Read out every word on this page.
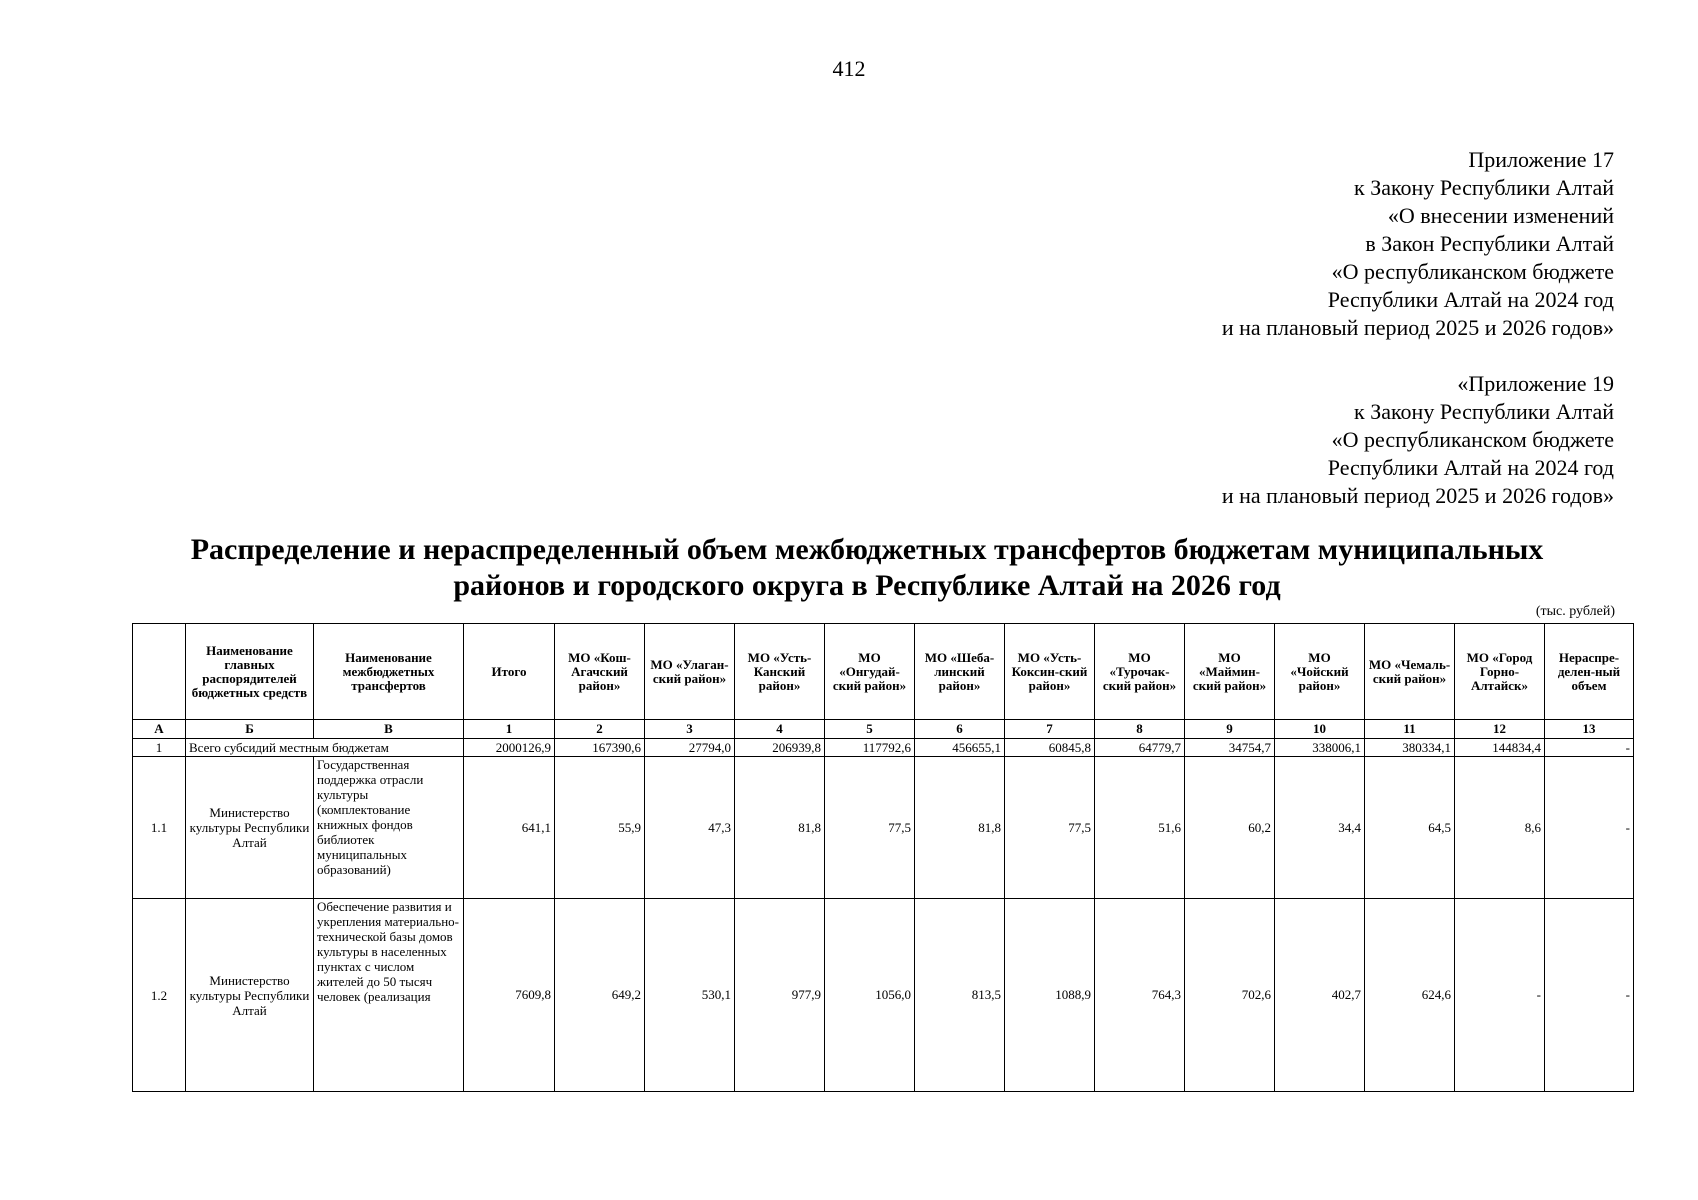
412
Приложение 17
к Закону Республики Алтай
«О внесении изменений
в Закон Республики Алтай
«О республиканском бюджете
Республики Алтай на 2024 год
и на плановый период 2025 и 2026 годов»
«Приложение 19
к Закону Республики Алтай
«О республиканском бюджете
Республики Алтай на 2024 год
и на плановый период 2025 и 2026 годов»
Распределение и нераспределенный объем межбюджетных трансфертов бюджетам муниципальных
районов и городского округа в Республике Алтай на 2026 год
(тыс. рублей)
	Наименование главных распорядителей бюджетных средств	Наименование межбюджетных трансфертов	Итого	МО «Кош-Агачский район»	МО «Улаган-ский район»	МО «Усть-Канский район»	МО «Онгудай-ский район»	МО «Шеба-линский район»	МО «Усть-Коксин-ский район»	МО «Турочак-ский район»	МО «Маймин-ский район»	МО «Чойский район»	МО «Чемаль-ский район»	МО «Город Горно-Алтайск»	Нераспре-делен-ный объем
А	Б	В	1	2	3	4	5	6	7	8	9	10	11	12	13
1	Всего субсидий местным бюджетам		2000126,9	167390,6	27794,0	206939,8	117792,6	456655,1	60845,8	64779,7	34754,7	338006,1	380334,1	144834,4	-
1.1	Министерство культуры Республики Алтай	Государственная поддержка отрасли культуры (комплектование книжных фондов библиотек муниципальных образований)	641,1	55,9	47,3	81,8	77,5	81,8	77,5	51,6	60,2	34,4	64,5	8,6	-
1.2	Министерство культуры Республики Алтай	Обеспечение развития и укрепления материально-технической базы домов культуры в населенных пунктах с числом жителей до 50 тысяч человек (реализация	7609,8	649,2	530,1	977,9	1056,0	813,5	1088,9	764,3	702,6	402,7	624,6	-	-
